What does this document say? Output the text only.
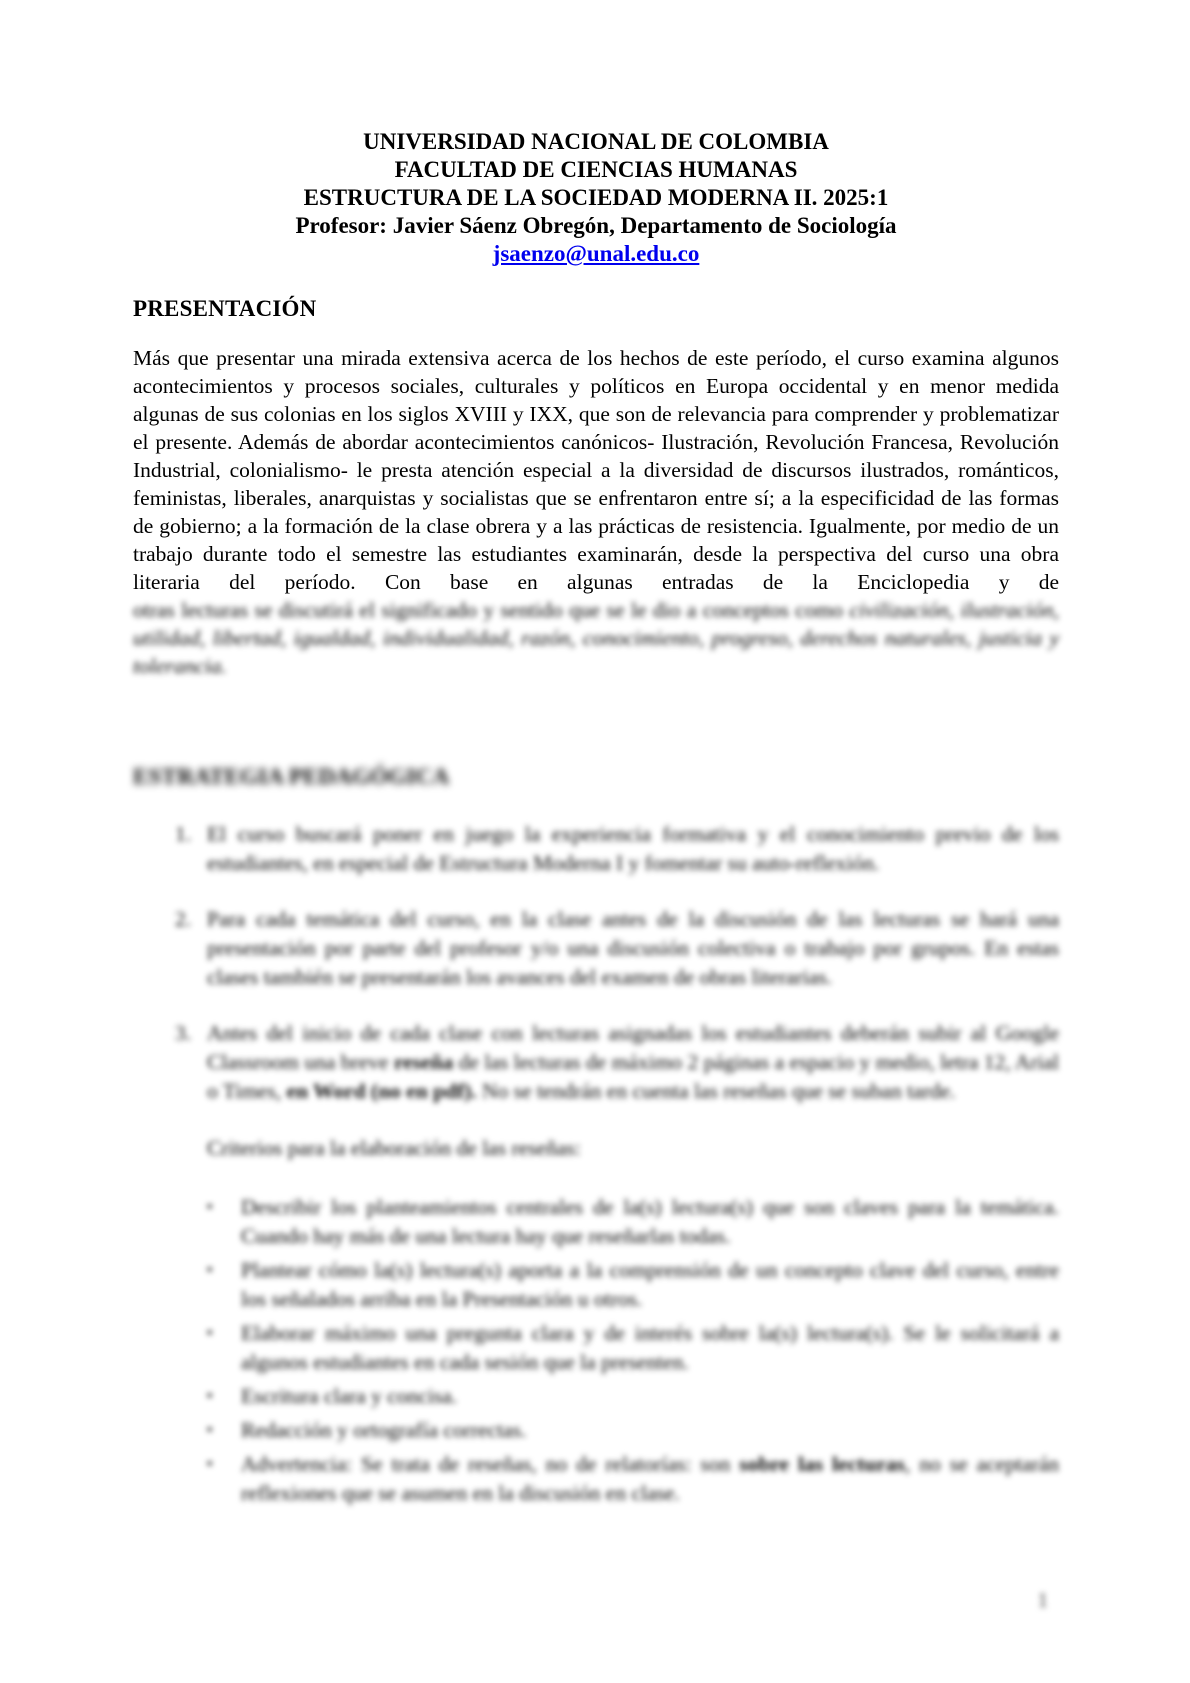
UNIVERSIDAD NACIONAL DE COLOMBIA
FACULTAD DE CIENCIAS HUMANAS
ESTRUCTURA DE LA SOCIEDAD MODERNA II. 2025:1
Profesor: Javier Sáenz Obregón, Departamento de Sociología
jsaenzo@unal.edu.co
PRESENTACIÓN

Más que presentar una mirada extensiva acerca de los hechos de este período, el curso examina algunos acontecimientos y procesos sociales, culturales y políticos en Europa occidental y en menor medida algunas de sus colonias en los siglos XVIII y IXX, que son de relevancia para comprender y problematizar el presente. Además de abordar acontecimientos canónicos- Ilustración, Revolución Francesa, Revolución Industrial, colonialismo- le presta atención especial a la diversidad de discursos ilustrados, románticos, feministas, liberales, anarquistas y socialistas que se enfrentaron entre sí; a la especificidad de las formas de gobierno; a la formación de la clase obrera y a las prácticas de resistencia. Igualmente, por medio de un trabajo durante todo el semestre las estudiantes examinarán, desde la perspectiva del curso una obra literaria del período. Con base en algunas entradas de la Enciclopedia y de

otras lecturas se discutirá el significado y sentido que se le dio a conceptos como civilización, ilustración, utilidad, libertad, igualdad, individualidad, razón, conocimiento, progreso, derechos naturales, justicia y tolerancia.

ESTRATEGIA PEDAGÓGICA
1. El curso buscará poner en juego la experiencia formativa y el conocimiento previo de los estudiantes, en especial de Estructura Moderna I y fomentar su auto-reflexión.
2. Para cada temática del curso, en la clase antes de la discusión de las lecturas se hará una presentación por parte del profesor y/o una discusión colectiva o trabajo por grupos. En estas clases también se presentarán los avances del examen de obras literarias.
3. Antes del inicio de cada clase con lecturas asignadas los estudiantes deberán subir al Google Classroom una breve reseña de las lecturas de máximo 2 páginas a espacio y medio, letra 12, Arial o Times, en Word (no en pdf). No se tendrán en cuenta las reseñas que se suban tarde.

Criterios para la elaboración de las reseñas:

▪	Describir los planteamientos centrales de la(s) lectura(s) que son claves para la temática. Cuando hay más de una lectura hay que reseñarlas todas.
▪	Plantear cómo la(s) lectura(s) aporta a la comprensión de un concepto clave del curso, entre los señalados arriba en la Presentación u otros.
▪	Elaborar máximo una pregunta clara y de interés sobre la(s) lectura(s). Se le solicitará a algunos estudiantes en cada sesión que la presenten.
▪	Escritura clara y concisa.
▪	Redacción y ortografía correctas.
▪	Advertencia: Se trata de reseñas, no de relatorías: son sobre las lecturas, no se aceptarán reflexiones que se asumen en la discusión en clase.
1
